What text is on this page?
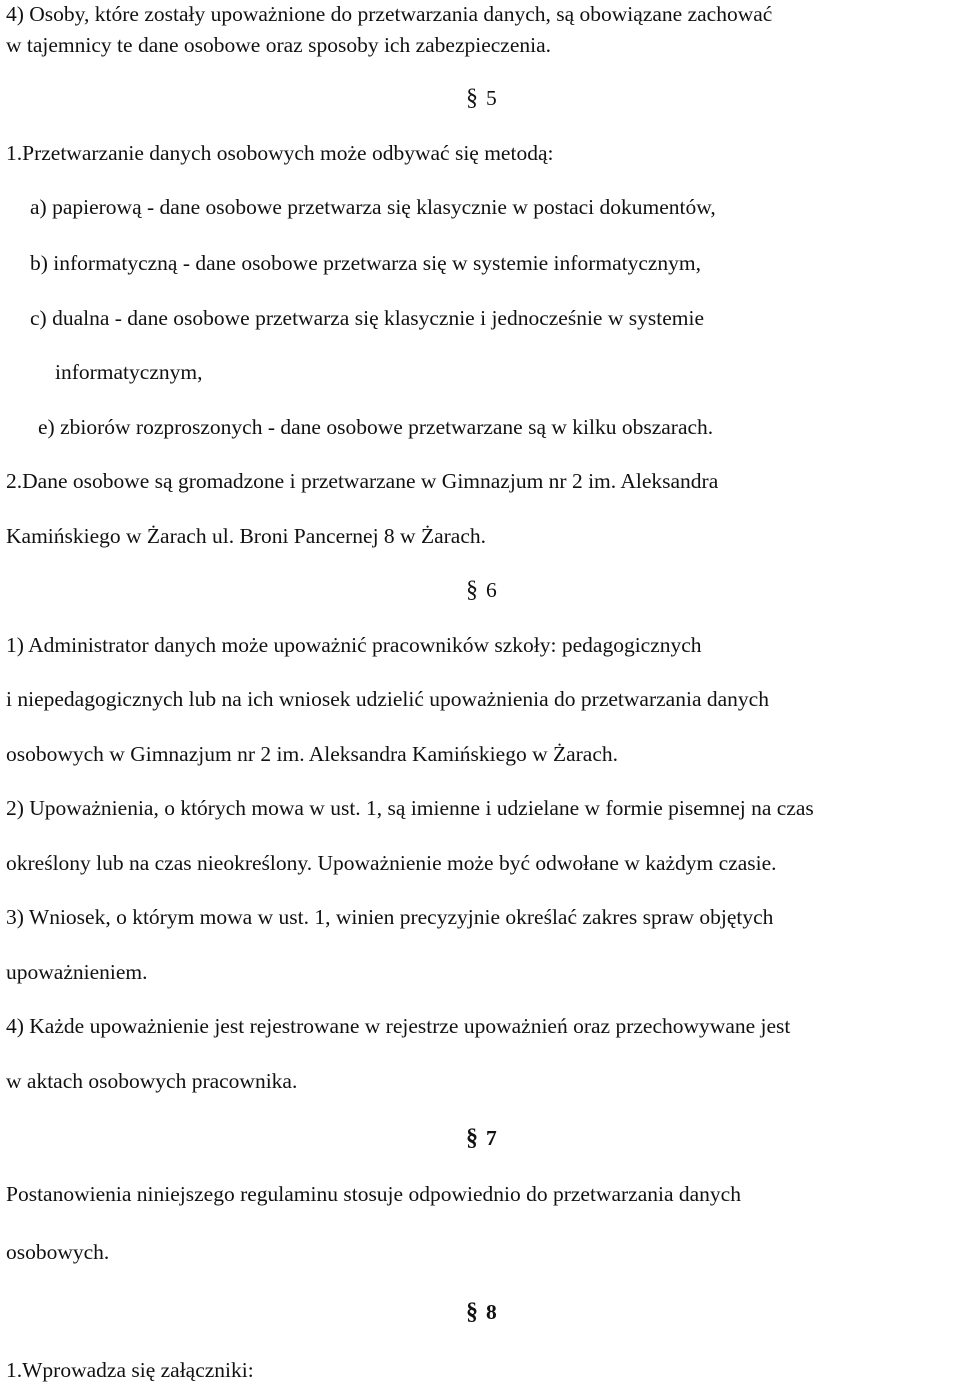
4) Osoby, które zostały upoważnione do przetwarzania danych, są obowiązane zachować
w tajemnicy te dane osobowe oraz sposoby ich zabezpieczenia.
§ 5
1.Przetwarzanie danych osobowych może odbywać się metodą:
a) papierową - dane osobowe przetwarza się klasycznie w postaci dokumentów,
b) informatyczną - dane osobowe przetwarza się w systemie informatycznym,
c) dualna - dane osobowe przetwarza się klasycznie i jednocześnie w systemie
informatycznym,
e) zbiorów rozproszonych - dane osobowe przetwarzane są w kilku obszarach.
2.Dane osobowe są gromadzone i przetwarzane w Gimnazjum nr 2 im. Aleksandra
Kamińskiego w Żarach ul. Broni Pancernej 8 w Żarach.
§ 6
1) Administrator danych może upoważnić pracowników szkoły: pedagogicznych
i niepedagogicznych lub na ich wniosek udzielić upoważnienia do przetwarzania danych
osobowych w Gimnazjum nr 2 im. Aleksandra Kamińskiego w Żarach.
2) Upoważnienia, o których mowa w ust. 1, są imienne i udzielane w formie pisemnej na czas
określony lub na czas nieokreślony. Upoważnienie może być odwołane w każdym czasie.
3) Wniosek, o którym mowa w ust. 1, winien precyzyjnie określać zakres spraw objętych
upoważnieniem.
4) Każde upoważnienie jest rejestrowane w rejestrze upoważnień oraz przechowywane jest
w aktach osobowych pracownika.
§ 7
Postanowienia niniejszego regulaminu stosuje odpowiednio do przetwarzania danych
osobowych.
§ 8
1.Wprowadza się załączniki:
